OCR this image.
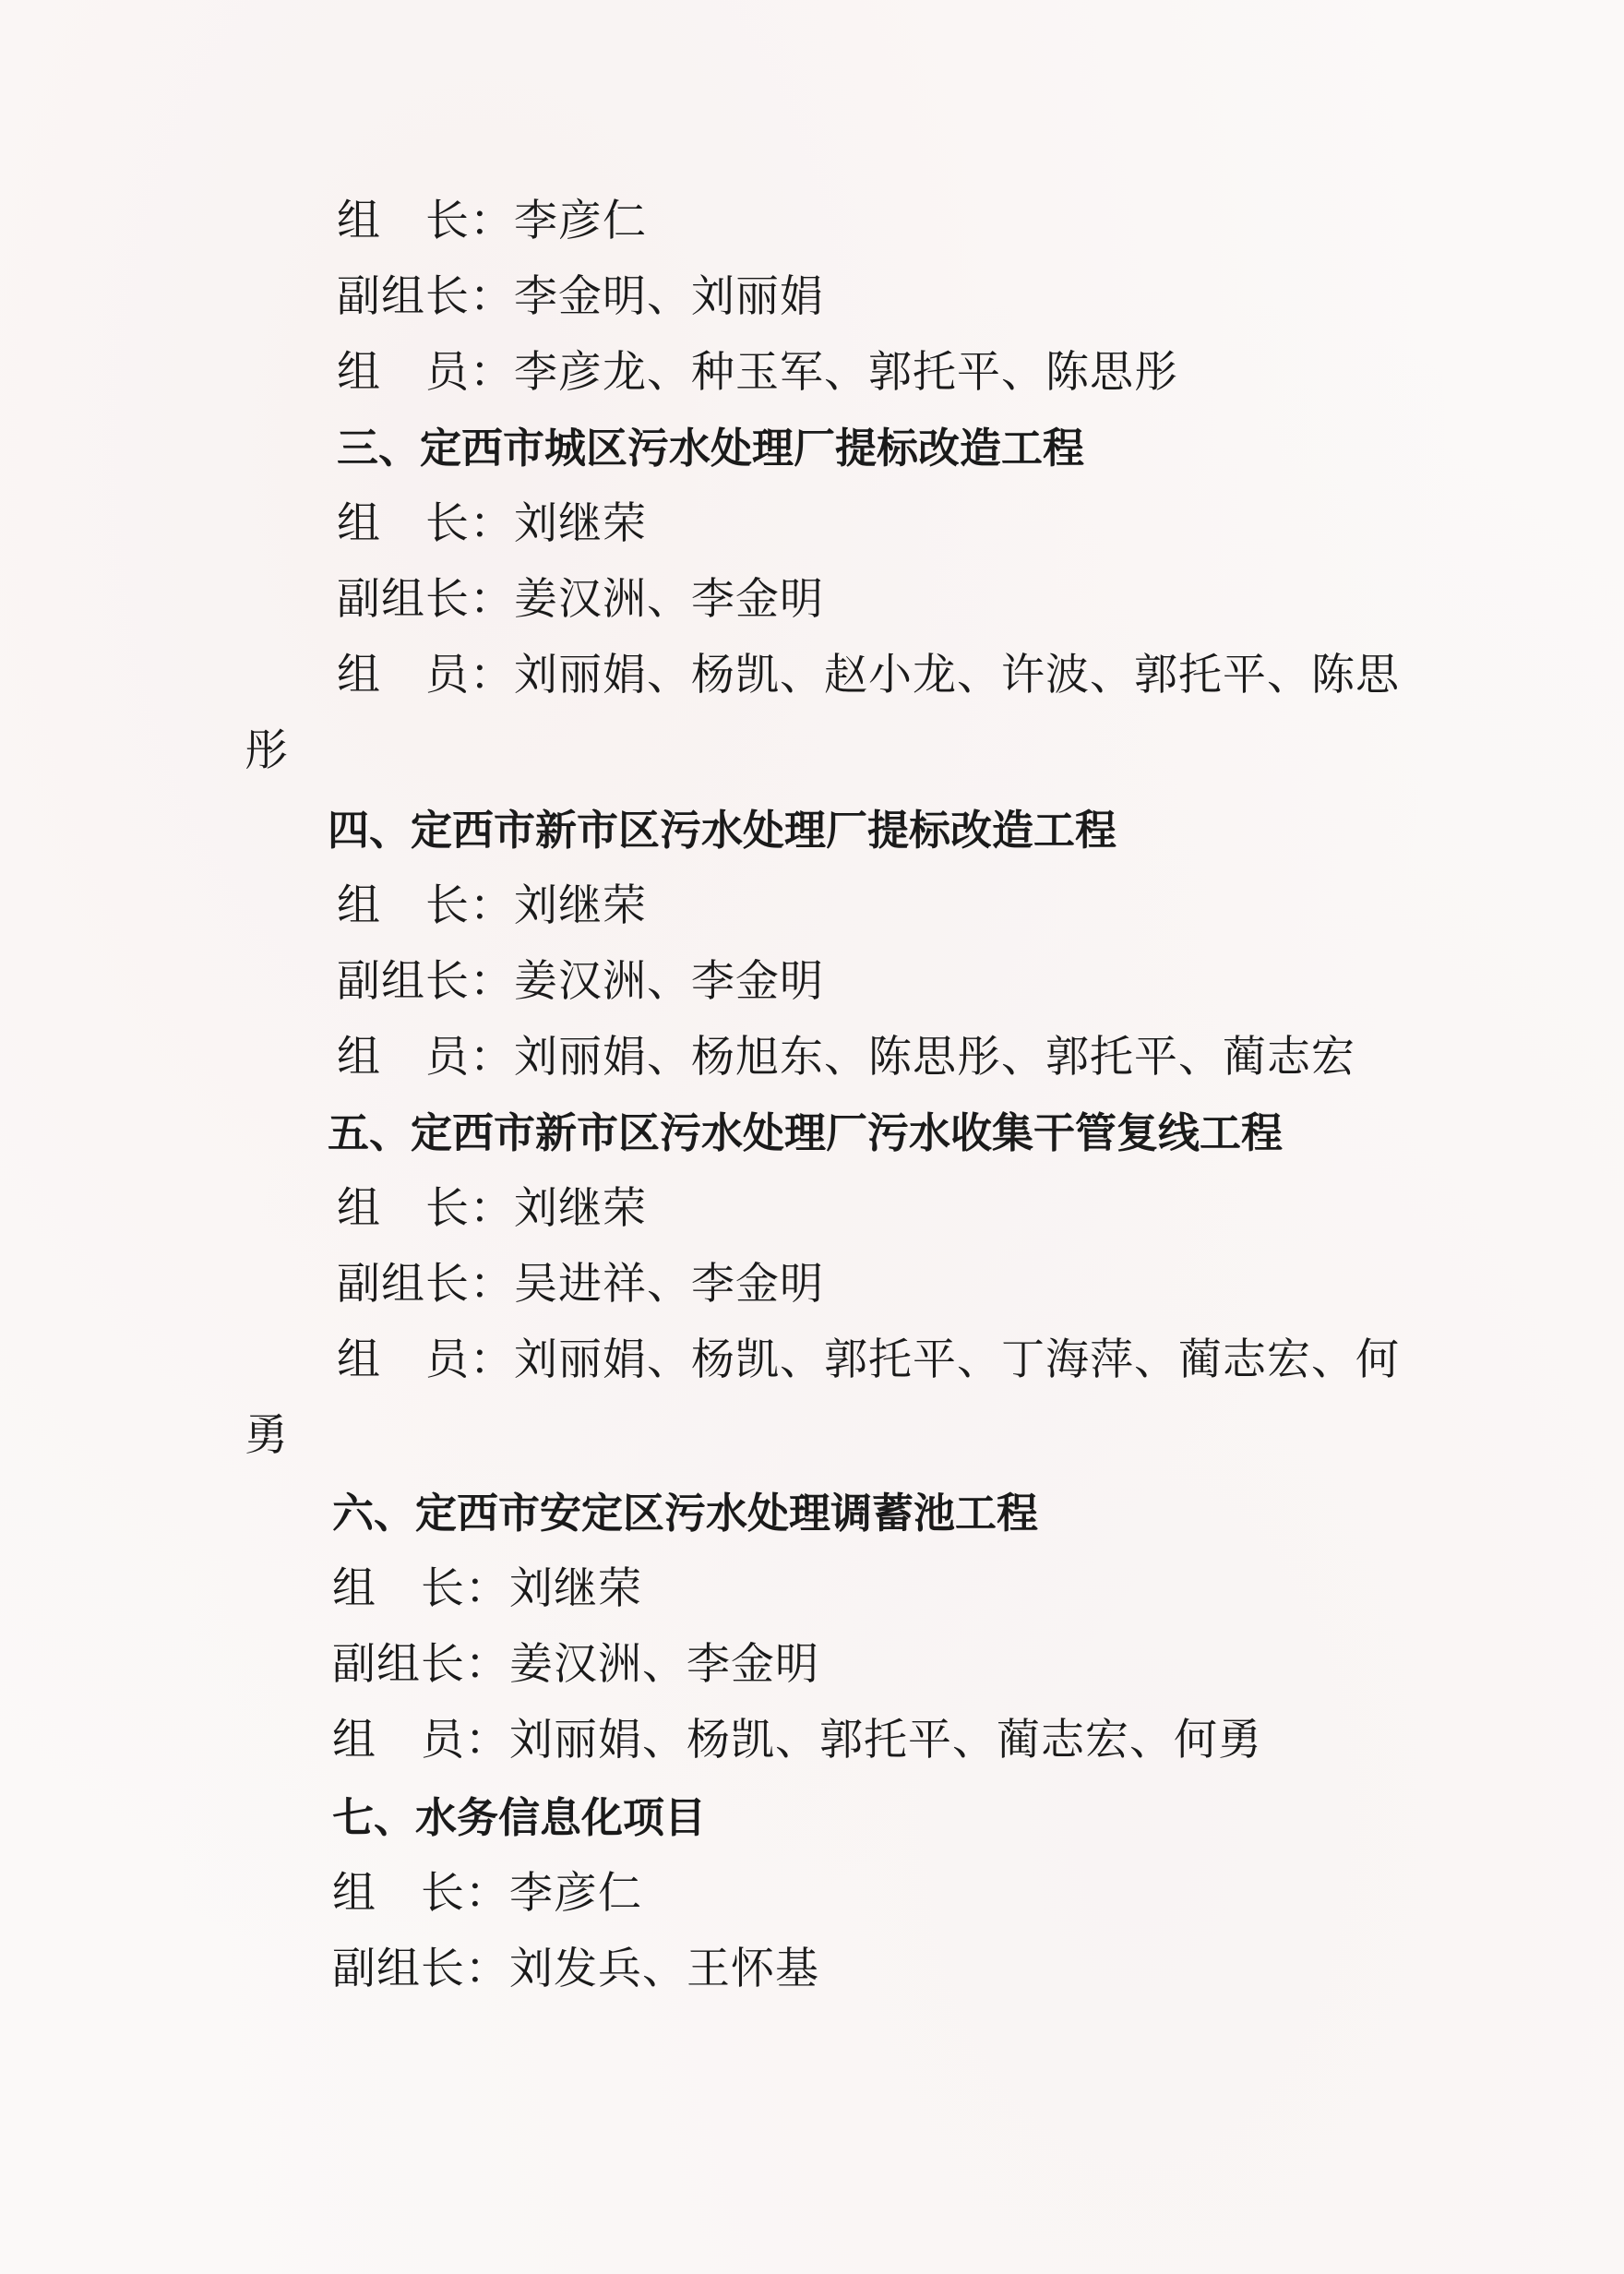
组　长：李彦仁
副组长：李金明、刘丽娟
组　员：李彦龙、种玉军、郭托平、陈思彤
三、定西市城区污水处理厂提标改造工程
组　长：刘继荣
副组长：姜汉洲、李金明
组　员：刘丽娟、杨凯、赵小龙、许波、郭托平、陈思
彤
四、定西市新市区污水处理厂提标改造工程
组　长：刘继荣
副组长：姜汉洲、李金明
组　员：刘丽娟、杨旭东、陈思彤、郭托平、蔺志宏
五、定西市新市区污水处理厂污水收集干管复线工程
组　长：刘继荣
副组长：吴进祥、李金明
组　员：刘丽娟、杨凯、郭托平、丁海萍、蔺志宏、何
勇
六、定西市安定区污水处理调蓄池工程
组　长：刘继荣
副组长：姜汉洲、李金明
组　员：刘丽娟、杨凯、郭托平、蔺志宏、何勇
七、水务信息化项目
组　长：李彦仁
副组长：刘发兵、王怀基
